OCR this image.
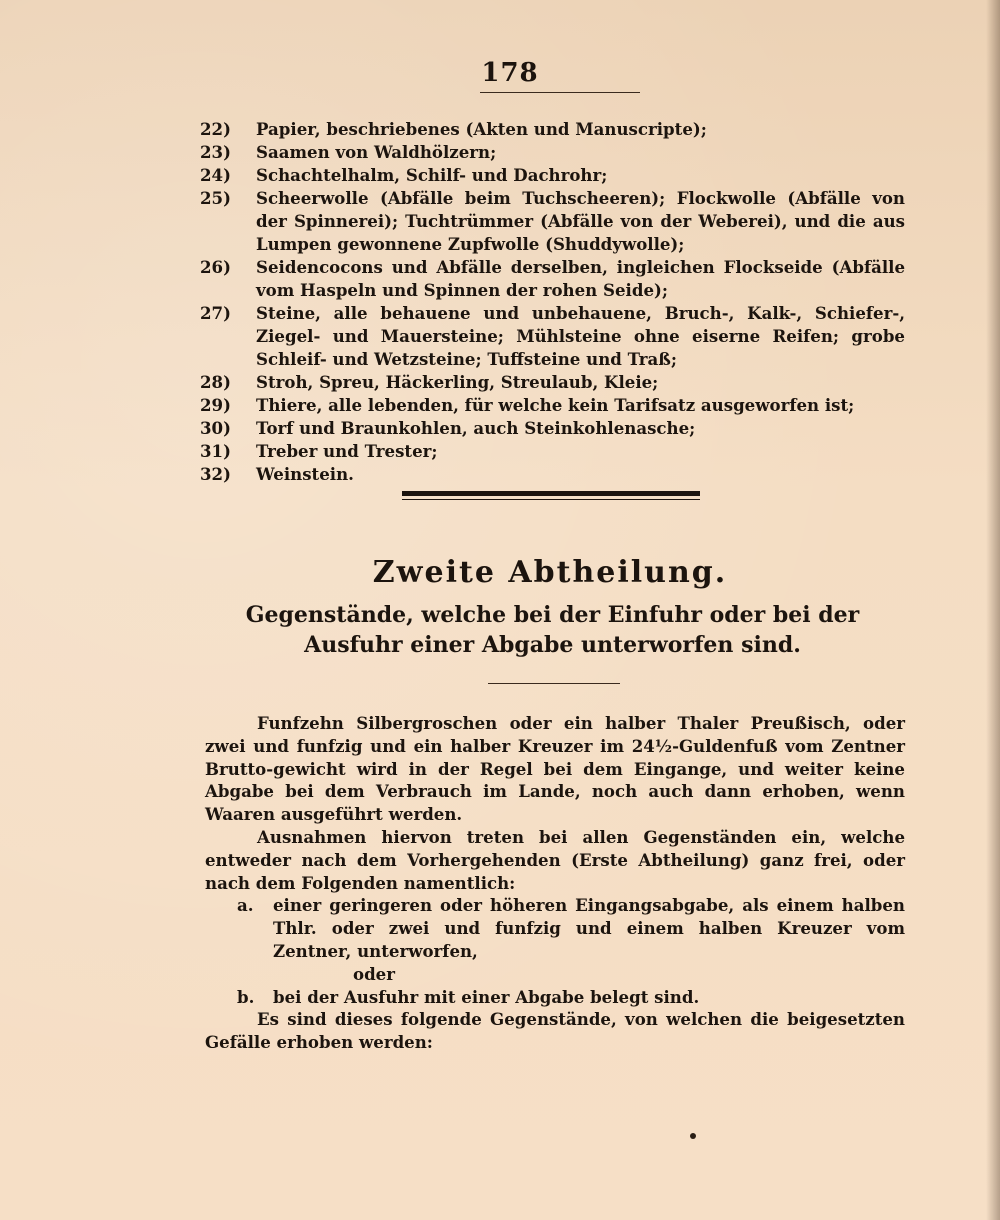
178
22)	Papier, beschriebenes (Akten und Manuscripte);
23)	Saamen von Waldhölzern;
24)	Schachtelhalm, Schilf- und Dachrohr;
25)	Scheerwolle (Abfälle beim Tuchscheeren); Flockwolle (Abfälle von der Spinnerei); Tuchtrümmer (Abfälle von der Weberei), und die aus Lumpen gewonnene Zupfwolle (Shuddywolle);
26)	Seidencocons und Abfälle derselben, ingleichen Flockseide (Abfälle vom Haspeln und Spinnen der rohen Seide);
27)	Steine, alle behauene und unbehauene, Bruch-, Kalk-, Schiefer-, Ziegel- und Mauersteine; Mühlsteine ohne eiserne Reifen; grobe Schleif- und Wetzsteine; Tuffsteine und Traß;
28)	Stroh, Spreu, Häckerling, Streulaub, Kleie;
29)	Thiere, alle lebenden, für welche kein Tarifsatz ausgeworfen ist;
30)	Torf und Braunkohlen, auch Steinkohlenasche;
31)	Treber und Trester;
32)	Weinstein.
Zweite Abtheilung.
Gegenstände, welche bei der Einfuhr oder bei der Ausfuhr einer Abgabe unterworfen sind.

Funfzehn Silbergroschen oder ein halber Thaler Preußisch, oder zwei und funfzig und ein halber Kreuzer im 24½-Guldenfuß vom Zentner Brutto-gewicht wird in der Regel bei dem Eingange, und weiter keine Abgabe bei dem Verbrauch im Lande, noch auch dann erhoben, wenn Waaren ausgeführt werden.

Ausnahmen hiervon treten bei allen Gegenständen ein, welche entweder nach dem Vorhergehenden (Erste Abtheilung) ganz frei, oder nach dem Folgenden namentlich:

a. einer geringeren oder höheren Eingangsabgabe, als einem halben Thlr. oder zwei und funfzig und einem halben Kreuzer vom Zentner, unterworfen,
oder
b. bei der Ausfuhr mit einer Abgabe belegt sind.

Es sind dieses folgende Gegenstände, von welchen die beigesetzten Gefälle erhoben werden:
